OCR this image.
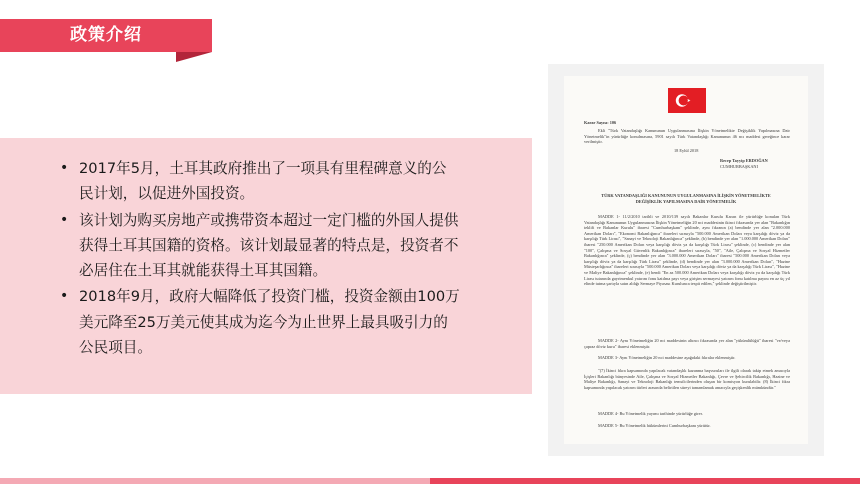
政策介绍
• 2017年5月，土耳其政府推出了一项具有里程碑意义的公民计划，以促进外国投资。
• 该计划为购买房地产或携带资本超过一定门槛的外国人提供获得土耳其国籍的资格。该计划最显著的特点是，投资者不必居住在土耳其就能获得土耳其国籍。
• 2018年9月，政府大幅降低了投资门槛，投资金额由100万美元降至25万美元使其成为迄今为止世界上最具吸引力的公民项目。
Karar Sayısı: 106
Ekli "Türk Vatandaşlığı Kanununun Uygulanmasına İlişkin Yönetmelikte Değişiklik Yapılmasına Dair Yönetmelik"in yürürlüğe konulmasına, 5901 sayılı Türk Vatandaşlığı Kanununun 46 ncı maddesi gereğince karar verilmiştir.
18 Eylül 2018
Recep Tayyip ERDOĞAN
CUMHURBAŞKANI
TÜRK VATANDAŞLIĞI KANUNUNUN UYGULANMASINA İLİŞKİN YÖNETMELİKTE DEĞİŞİKLİK YAPILMASINA DAİR YÖNETMELİK
MADDE 1- 11/2/2010 tarihli ve 2010/139 sayılı Bakanlar Kurulu Kararı ile yürürlüğe konulan Türk Vatandaşlığı Kanununun Uygulanmasına İlişkin Yönetmeliğin 20 nci maddesinin ikinci fıkrasında yer alan "Bakanlığın teklifi ve Bakanlar Kurulu" ibaresi "Cumhurbaşkanı" şeklinde, aynı fıkranın (a) bendinde yer alan "2.000.000 Amerikan Doları", "Ekonomi Bakanlığınca" ibareleri sırasıyla "500.000 Amerikan Doları veya karşılığı döviz ya da karşılığı Türk Lirası", "Sanayi ve Teknoloji Bakanlığınca" şeklinde, (b) bendinde yer alan "1.000.000 Amerikan Doları" ibaresi "250.000 Amerikan Doları veya karşılığı döviz ya da karşılığı Türk Lirası" şeklinde, (c) bendinde yer alan "100", Çalışma ve Sosyal Güvenlik Bakanlığınca" ibareleri sırasıyla, "50", "Aile, Çalışma ve Sosyal Hizmetler Bakanlığınca" şeklinde, (ç) bendinde yer alan "3.000.000 Amerikan Doları" ibaresi "500.000 Amerikan Doları veya karşılığı döviz ya da karşılığı Türk Lirası" şeklinde, (d) bendinde yer alan "3.000.000 Amerikan Doları", "Hazine Müsteşarlığınca" ibareleri sırasıyla "500.000 Amerikan Doları veya karşılığı döviz ya da karşılığı Türk Lirası", "Hazine ve Maliye Bakanlığınca" şeklinde, (e) bendi "En az 500.000 Amerikan Doları veya karşılığı döviz ya da karşılığı Türk Lirası tutarında gayrimenkul yatırım fonu katılma payı veya girişim sermayesi yatırım fonu katılma payını en az üç yıl elinde tutma şartıyla satın aldığı Sermaye Piyasası Kurulunca tespit edilen," şeklinde değiştirilmiştir.
MADDE 2- Aynı Yönetmeliğin 20 nci maddesinin altıncı fıkrasında yer alan "yükümlülüğü" ibaresi "ve/veya çapraz döviz kuru" ibaresi eklenmiştir.
MADDE 3- Aynı Yönetmeliğin 20 nci maddesine aşağıdaki fıkralar eklenmiştir.
"(7) İkinci fıkra kapsamında yapılacak vatandaşlık kazanma başvuruları ile ilgili olarak takip etmek amacıyla İçişleri Bakanlığı bünyesinde Aile, Çalışma ve Sosyal Hizmetler Bakanlığı, Çevre ve Şehircilik Bakanlığı, Hazine ve Maliye Bakanlığı, Sanayi ve Teknoloji Bakanlığı temsilcilerinden oluşan bir komisyon kurulabilir. (8) İkinci fıkra kapsamında yapılacak yatırım türleri arasında belirtilen süreyi tamamlamak amacıyla geçişkenlik mümkündür."
MADDE 4- Bu Yönetmelik yayımı tarihinde yürürlüğe girer.
MADDE 5- Bu Yönetmelik hükümlerini Cumhurbaşkanı yürütür.
